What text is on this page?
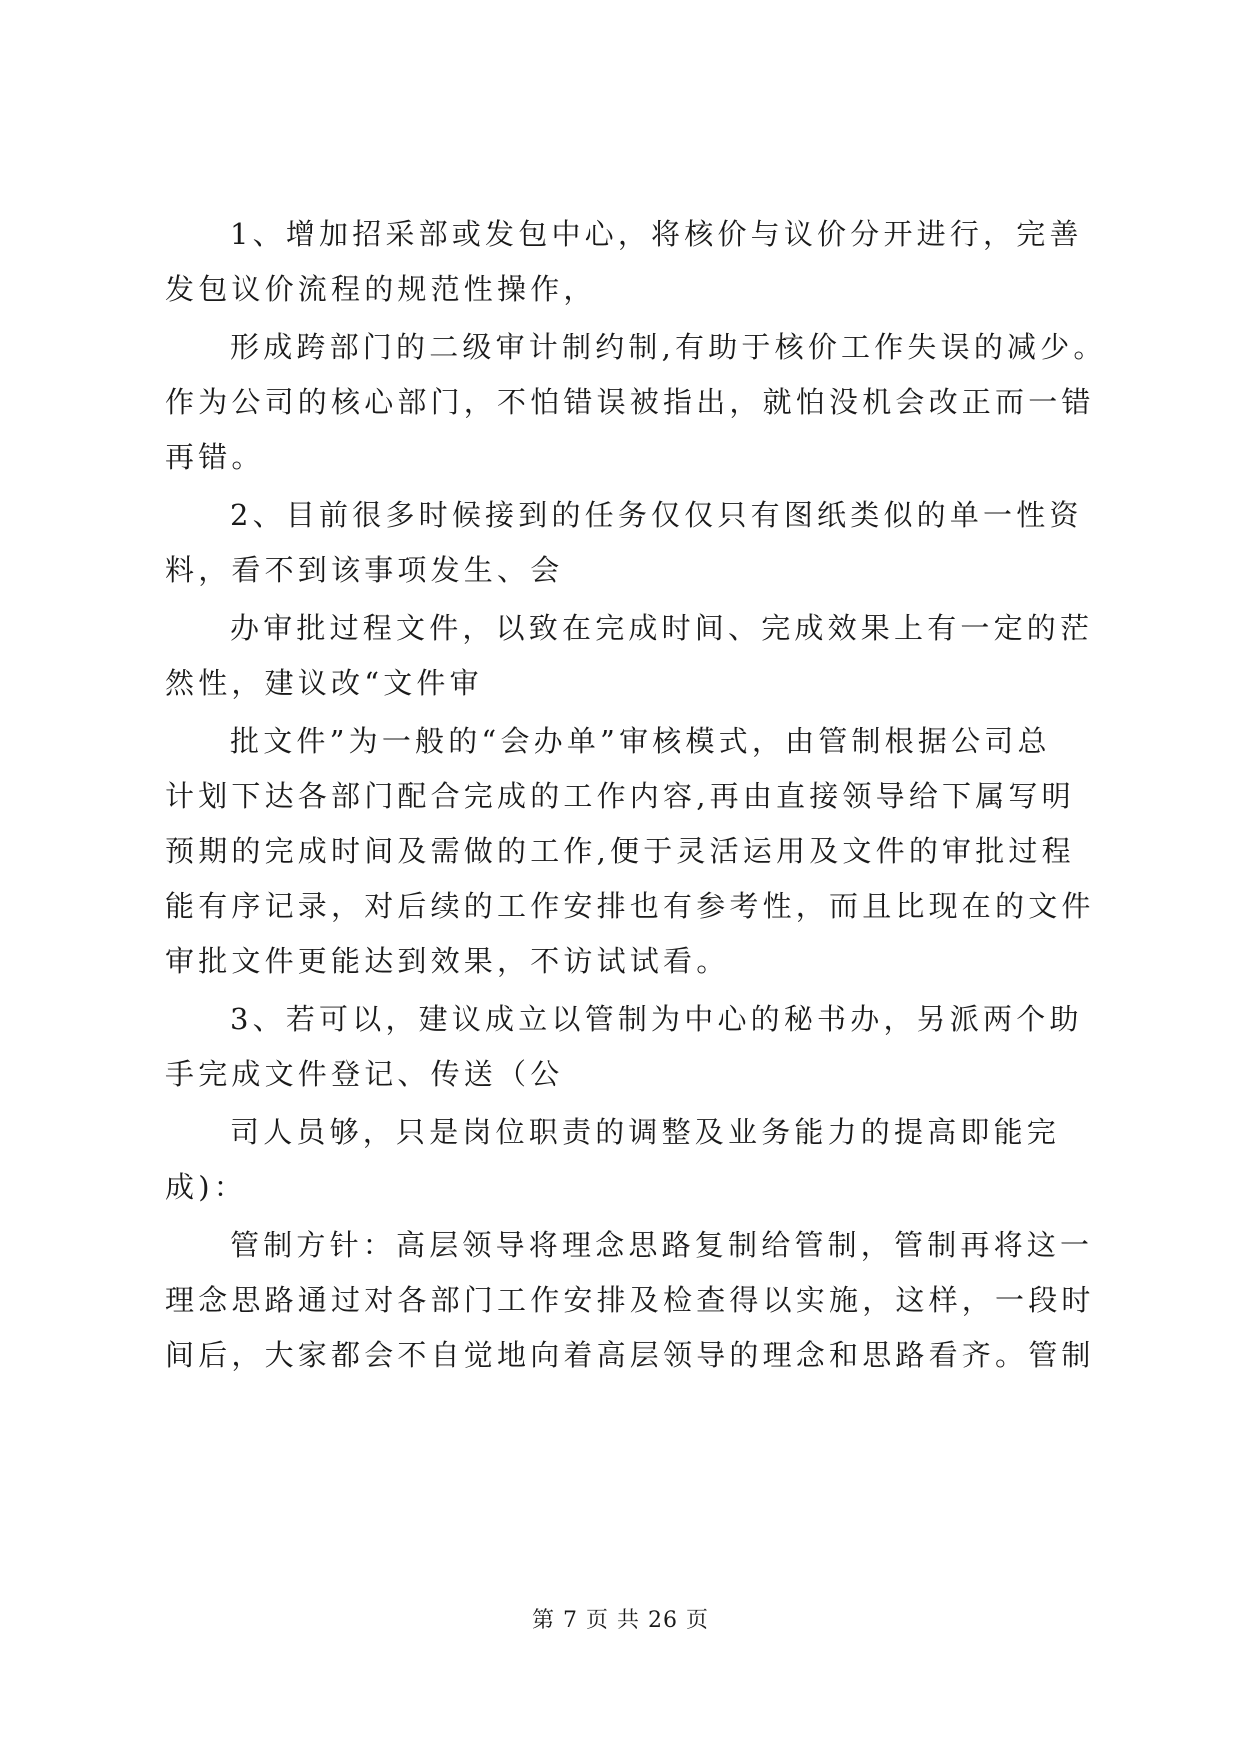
1、增加招采部或发包中心，将核价与议价分开进行，完善
发包议价流程的规范性操作，
形成跨部门的二级审计制约制,有助于核价工作失误的减少。
作为公司的核心部门，不怕错误被指出，就怕没机会改正而一错
再错。
2、目前很多时候接到的任务仅仅只有图纸类似的单一性资
料，看不到该事项发生、会
办审批过程文件，以致在完成时间、完成效果上有一定的茫
然性，建议改“文件审
批文件”为一般的“会办单”审核模式，由管制根据公司总
计划下达各部门配合完成的工作内容,再由直接领导给下属写明
预期的完成时间及需做的工作,便于灵活运用及文件的审批过程
能有序记录，对后续的工作安排也有参考性，而且比现在的文件
审批文件更能达到效果，不访试试看。
3、若可以，建议成立以管制为中心的秘书办，另派两个助
手完成文件登记、传送（公
司人员够，只是岗位职责的调整及业务能力的提高即能完
成)：
管制方针：高层领导将理念思路复制给管制，管制再将这一
理念思路通过对各部门工作安排及检查得以实施，这样，一段时
间后，大家都会不自觉地向着高层领导的理念和思路看齐。管制
第 7 页 共 26 页
